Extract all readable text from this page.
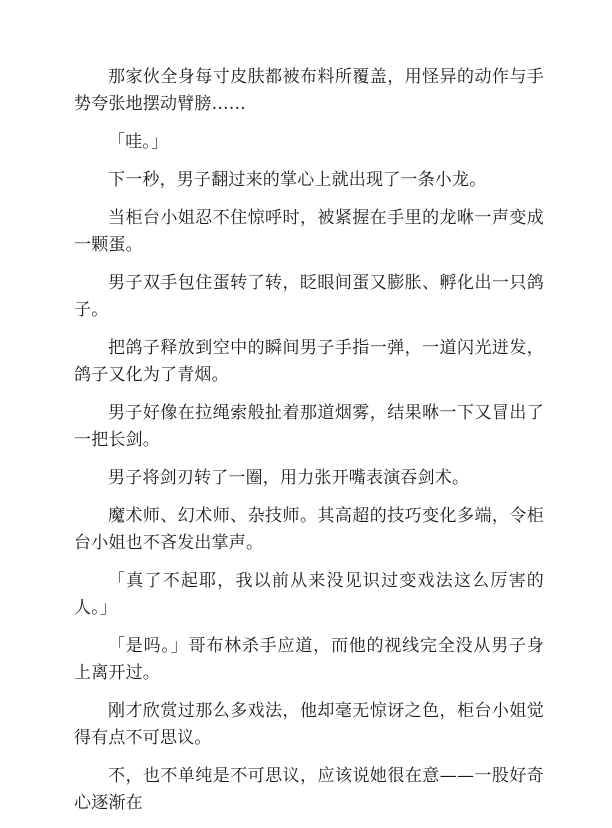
那家伙全身每寸皮肤都被布料所覆盖，用怪异的动作与手势夸张地摆动臂膀……

「哇。」

下一秒，男子翻过来的掌心上就出现了一条小龙。

当柜台小姐忍不住惊呼时，被紧握在手里的龙咻一声变成一颗蛋。

男子双手包住蛋转了转，眨眼间蛋又膨胀、孵化出一只鸽子。

把鸽子释放到空中的瞬间男子手指一弹，一道闪光迸发，鸽子又化为了青烟。

男子好像在拉绳索般扯着那道烟雾，结果咻一下又冒出了一把长剑。

男子将剑刃转了一圈，用力张开嘴表演吞剑术。

魔术师、幻术师、杂技师。其高超的技巧变化多端，令柜台小姐也不吝发出掌声。

「真了不起耶，我以前从来没见识过变戏法这么厉害的人。」

「是吗。」哥布林杀手应道，而他的视线完全没从男子身上离开过。

刚才欣赏过那么多戏法，他却毫无惊讶之色，柜台小姐觉得有点不可思议。

不，也不单纯是不可思议，应该说她很在意——一股好奇心逐渐在
